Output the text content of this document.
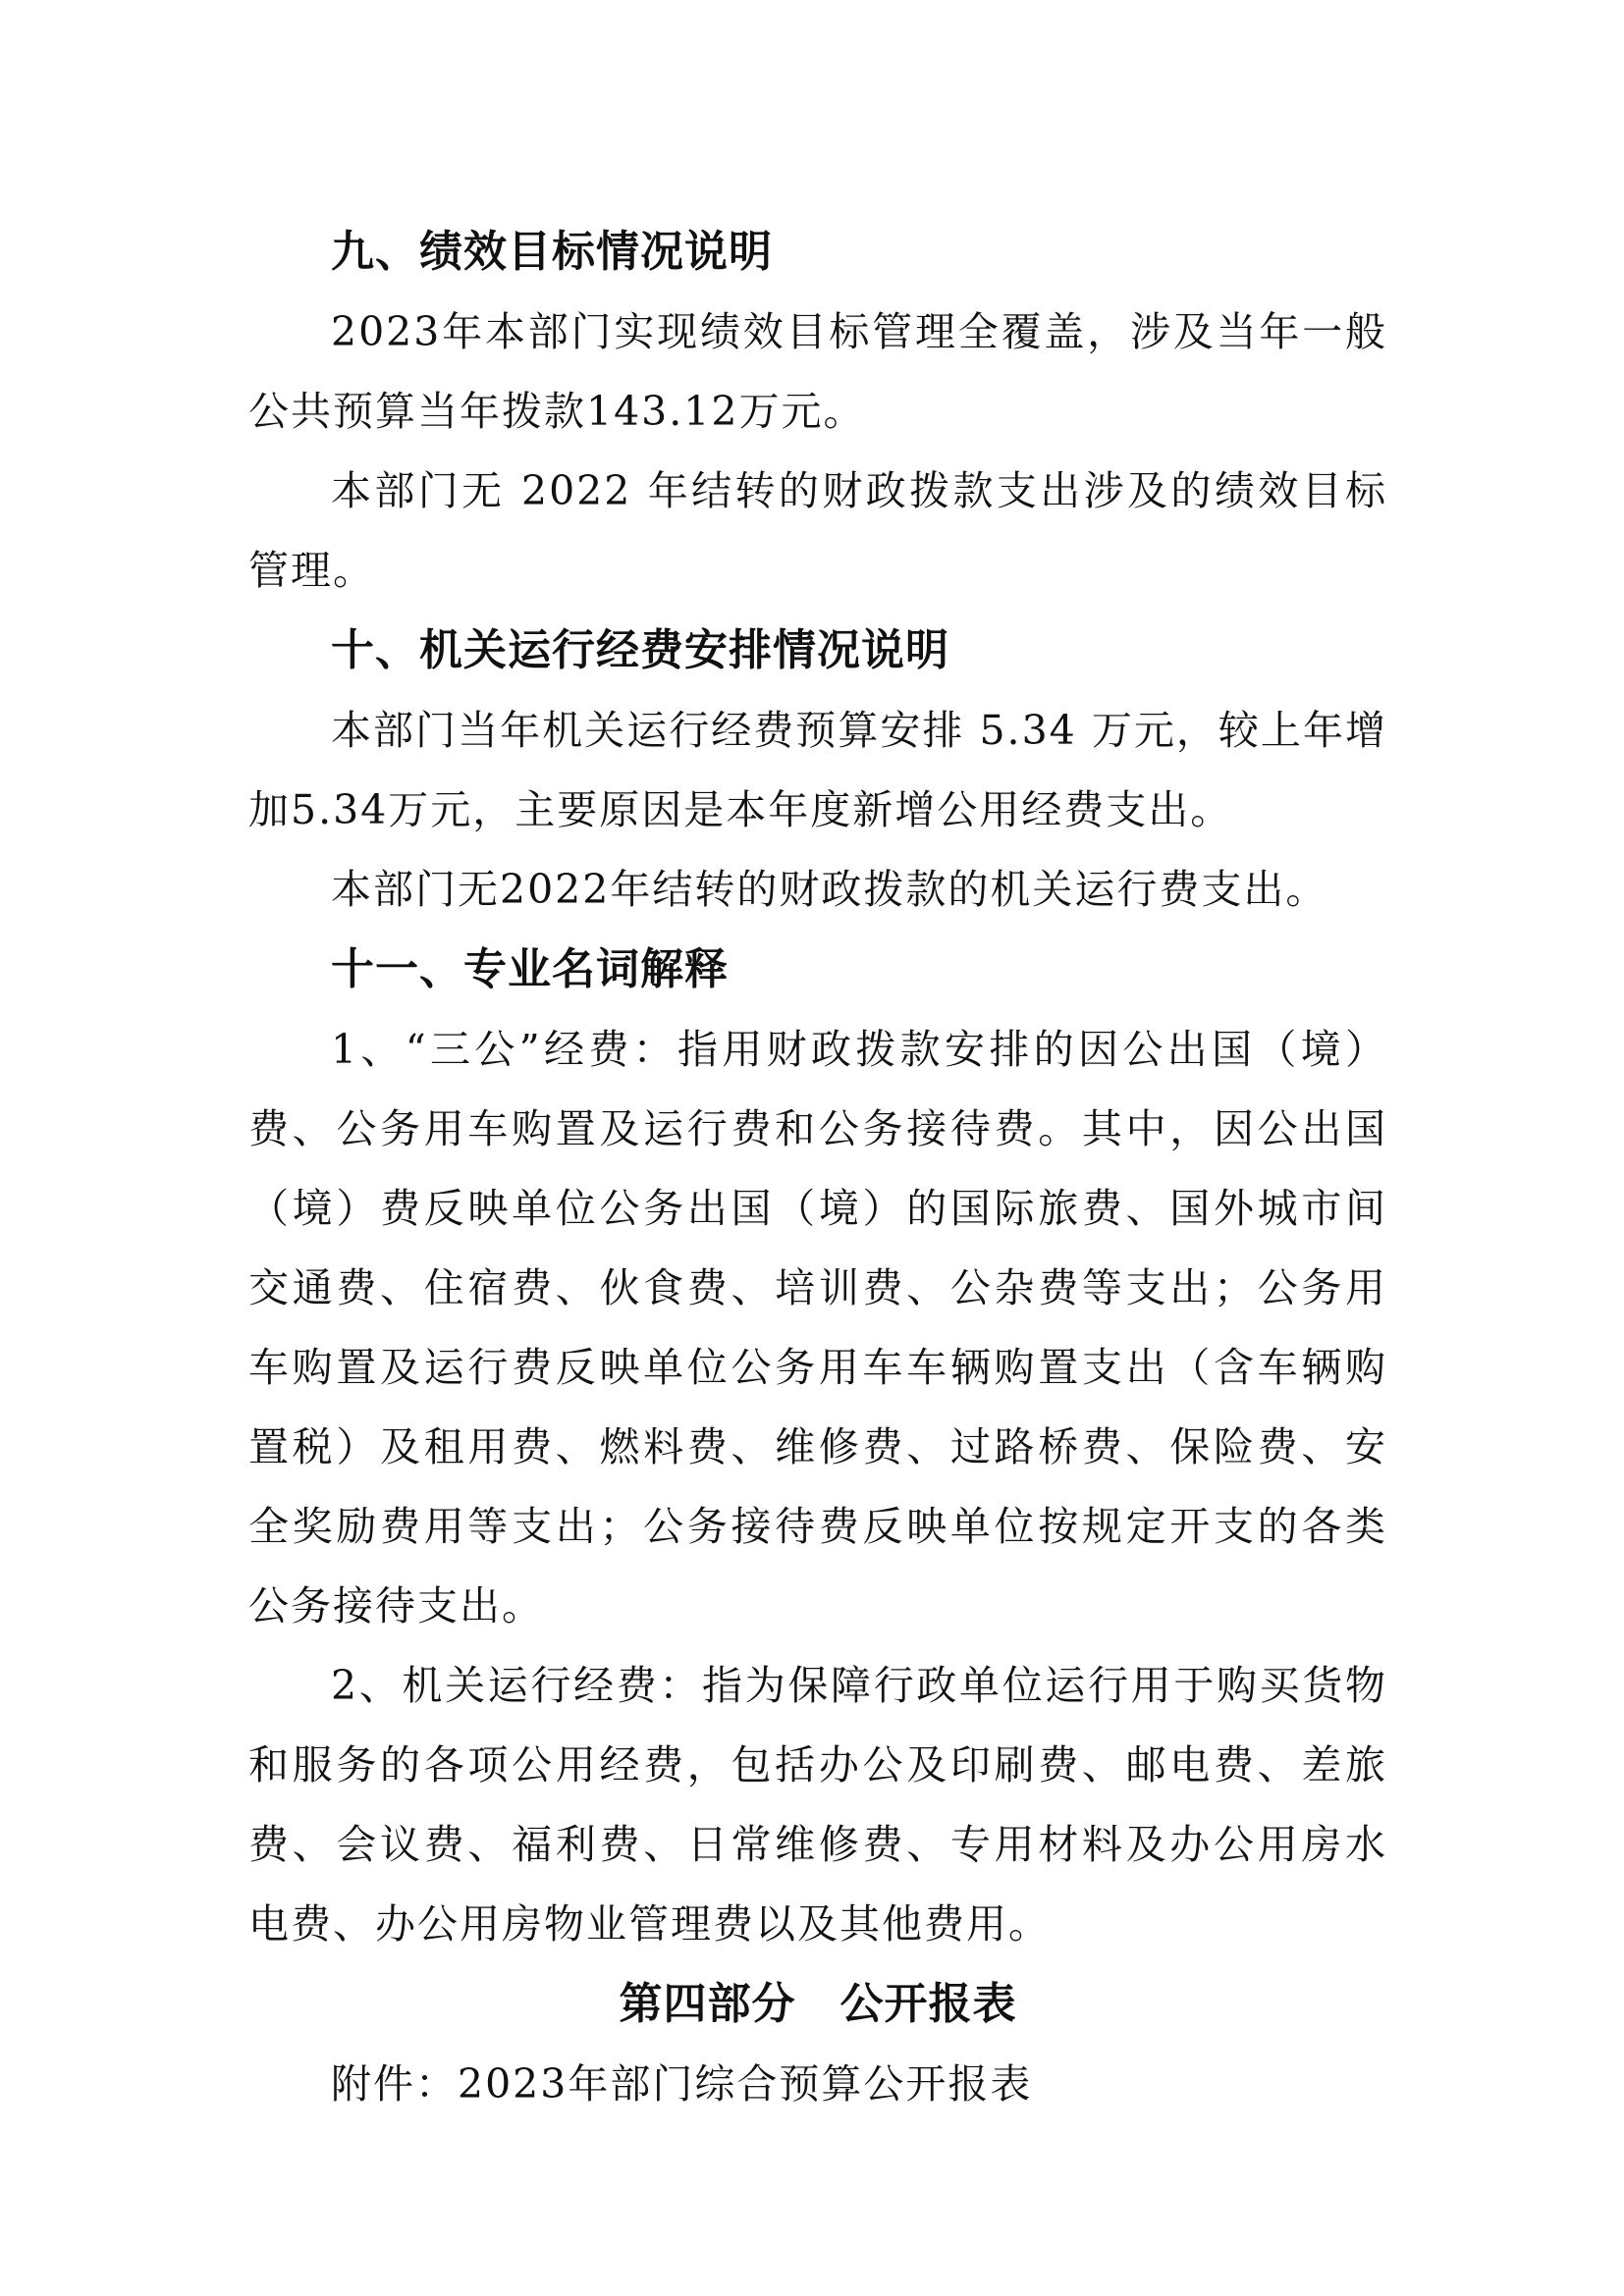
九、绩效目标情况说明

2023年本部门实现绩效目标管理全覆盖，涉及当年一般公共预算当年拨款143.12万元。

本部门无 2022 年结转的财政拨款支出涉及的绩效目标管理。

十、机关运行经费安排情况说明

本部门当年机关运行经费预算安排 5.34 万元，较上年增加5.34万元，主要原因是本年度新增公用经费支出。

本部门无2022年结转的财政拨款的机关运行费支出。

十一、专业名词解释

1、“三公”经费：指用财政拨款安排的因公出国（境）费、公务用车购置及运行费和公务接待费。其中，因公出国（境）费反映单位公务出国（境）的国际旅费、国外城市间交通费、住宿费、伙食费、培训费、公杂费等支出；公务用车购置及运行费反映单位公务用车车辆购置支出（含车辆购置税）及租用费、燃料费、维修费、过路桥费、保险费、安全奖励费用等支出；公务接待费反映单位按规定开支的各类公务接待支出。

2、机关运行经费：指为保障行政单位运行用于购买货物和服务的各项公用经费，包括办公及印刷费、邮电费、差旅费、会议费、福利费、日常维修费、专用材料及办公用房水电费、办公用房物业管理费以及其他费用。

第四部分　公开报表
附件：2023年部门综合预算公开报表
